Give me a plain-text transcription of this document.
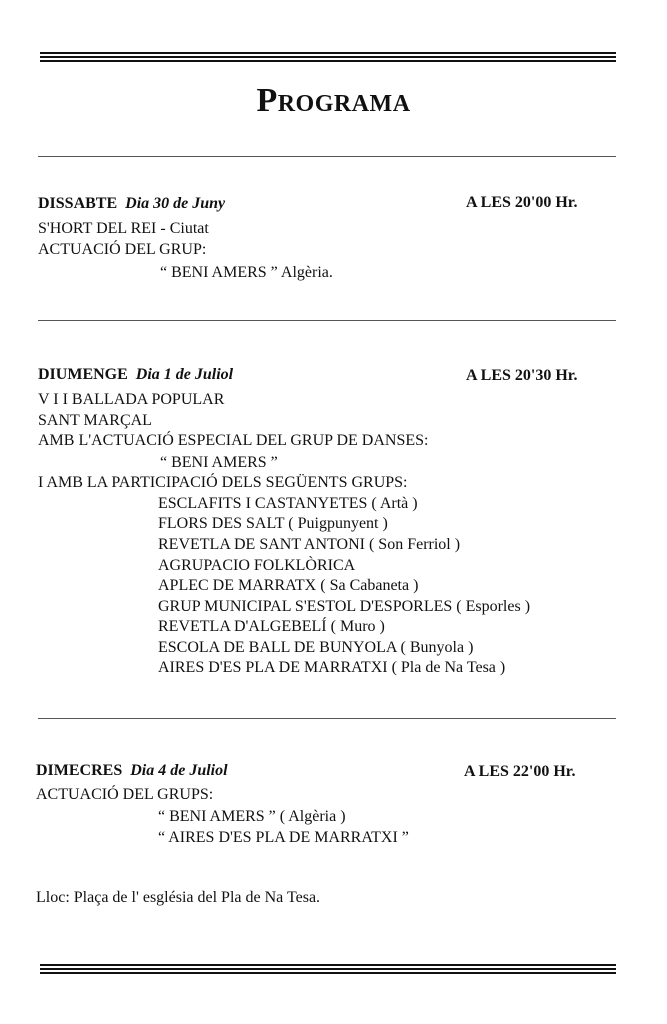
Programa
DISSABTE Dia 30 de Juny	A LES 20'00 Hr.
S'HORT DEL REI - Ciutat
ACTUACIÓ DEL GRUP:
“ BENI AMERS ” Algèria.
DIUMENGE Dia 1 de Juliol	A LES 20'30 Hr.
V I I BALLADA POPULAR
SANT MARÇAL
AMB L'ACTUACIÓ ESPECIAL DEL GRUP DE DANSES:
“ BENI AMERS ”
I AMB LA PARTICIPACIÓ DELS SEGÜENTS GRUPS:
ESCLAFITS I CASTANYETES ( Artà )
FLORS DES SALT ( Puigpunyent )
REVETLA DE SANT ANTONI ( Son Ferriol )
AGRUPACIO FOLKLÒRICA
APLEC DE MARRATX ( Sa Cabaneta )
GRUP MUNICIPAL S'ESTOL D'ESPORLES ( Esporles )
REVETLA D'ALGEBELÍ ( Muro )
ESCOLA DE BALL DE BUNYOLA ( Bunyola )
AIRES D'ES PLA DE MARRATXI ( Pla de Na Tesa )
DIMECRES Dia 4 de Juliol	A LES 22'00 Hr.
ACTUACIÓ DEL GRUPS:
“ BENI AMERS ” ( Algèria )
“ AIRES D'ES PLA DE MARRATXI ”
Lloc: Plaça de l' església del Pla de Na Tesa.
